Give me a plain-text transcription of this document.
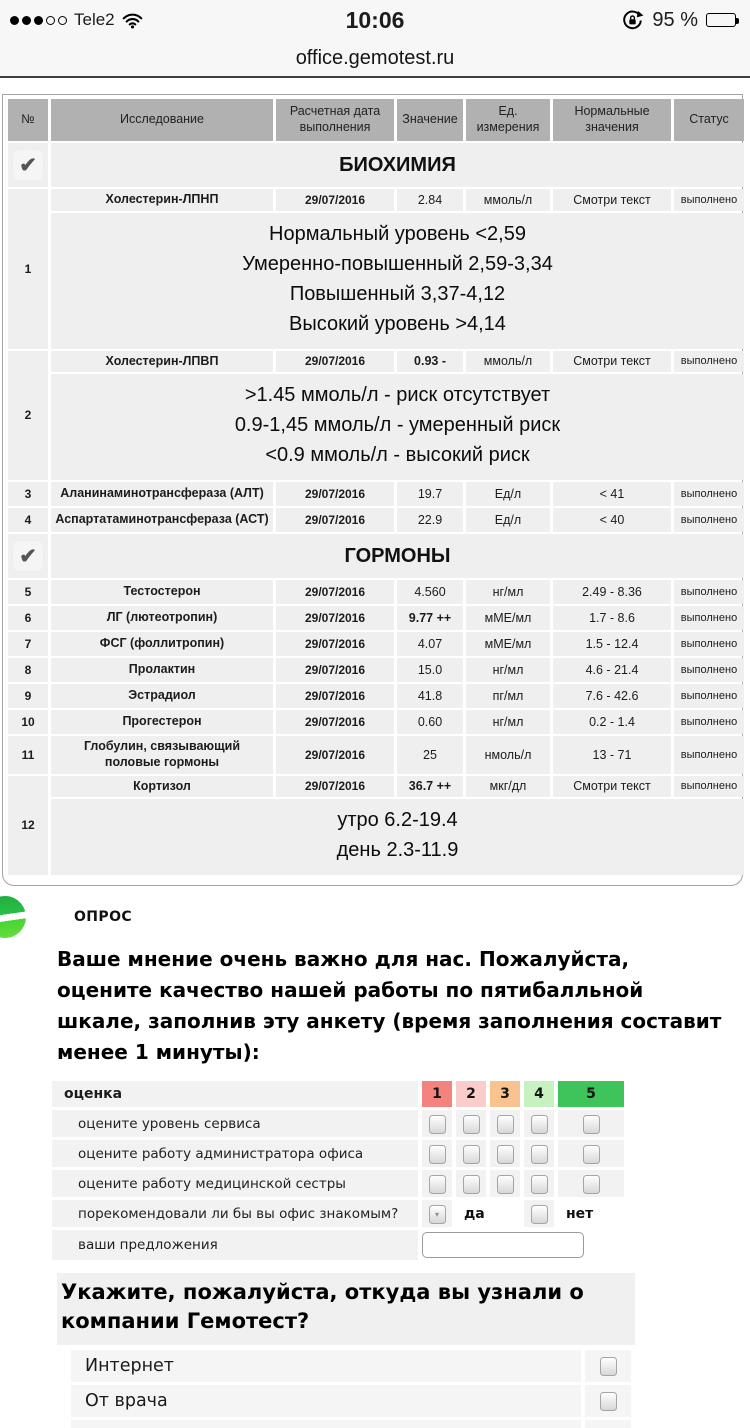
Tele2	10:06	95 %
office.gemotest.ru
№	Исследование	Расчетная дата выполнения	Значение	Ед. измерения	Нормальные значения	Статус
✔	БИОХИМИЯ					
1	Холестерин-ЛПНП	29/07/2016	2.84	ммоль/л	Смотри текст	выполнено

	Нормальный уровень <2,59
Умеренно-повышенный 2,59-3,34
Повышенный 3,37-4,12
Высокий уровень >4,14					

2	Холестерин-ЛПВП	29/07/2016	0.93 -	ммоль/л	Смотри текст	выполнено

	>1.45 ммоль/л - риск отсутствует
0.9-1,45 ммоль/л - умеренный риск
<0.9 ммоль/л - высокий риск					

3	Аланинаминотрансфераза (АЛТ)	29/07/2016	19.7	Ед/л	< 41	выполнено
4	Аспартатаминотрансфераза (АСТ)	29/07/2016	22.9	Ед/л	< 40	выполнено
✔	ГОРМОНЫ					
5	Тестостерон	29/07/2016	4.560	нг/мл	2.49 - 8.36	выполнено
6	ЛГ (лютеотропин)	29/07/2016	9.77 ++	мМЕ/мл	1.7 - 8.6	выполнено
7	ФСГ (фоллитропин)	29/07/2016	4.07	мМЕ/мл	1.5 - 12.4	выполнено
8	Пролактин	29/07/2016	15.0	нг/мл	4.6 - 21.4	выполнено
9	Эстрадиол	29/07/2016	41.8	пг/мл	7.6 - 42.6	выполнено
10	Прогестерон	29/07/2016	0.60	нг/мл	0.2 - 1.4	выполнено
11	Глобулин, связывающий половые гормоны	29/07/2016	25	нмоль/л	13 - 71	выполнено
12	Кортизол	29/07/2016	36.7 ++	мкг/дл	Смотри текст	выполнено

	утро 6.2-19.4
день 2.3-11.9					
ОПРОС

Ваше мнение очень важно для нас. Пожалуйста, оцените качество нашей работы по пятибалльной шкале, заполнив эту анкету (время заполнения составит менее 1 минуты):

оценка	1	2	3	4	5
оцените уровень сервиса					
оцените работу администратора офиса					
оцените работу медицинской сестры					
порекомендовали ли бы вы офис знакомым?	▾	да			нет
ваши предложения	
Укажите, пожалуйста, откуда вы узнали о компании Гемотест?
Интернет
От врача
